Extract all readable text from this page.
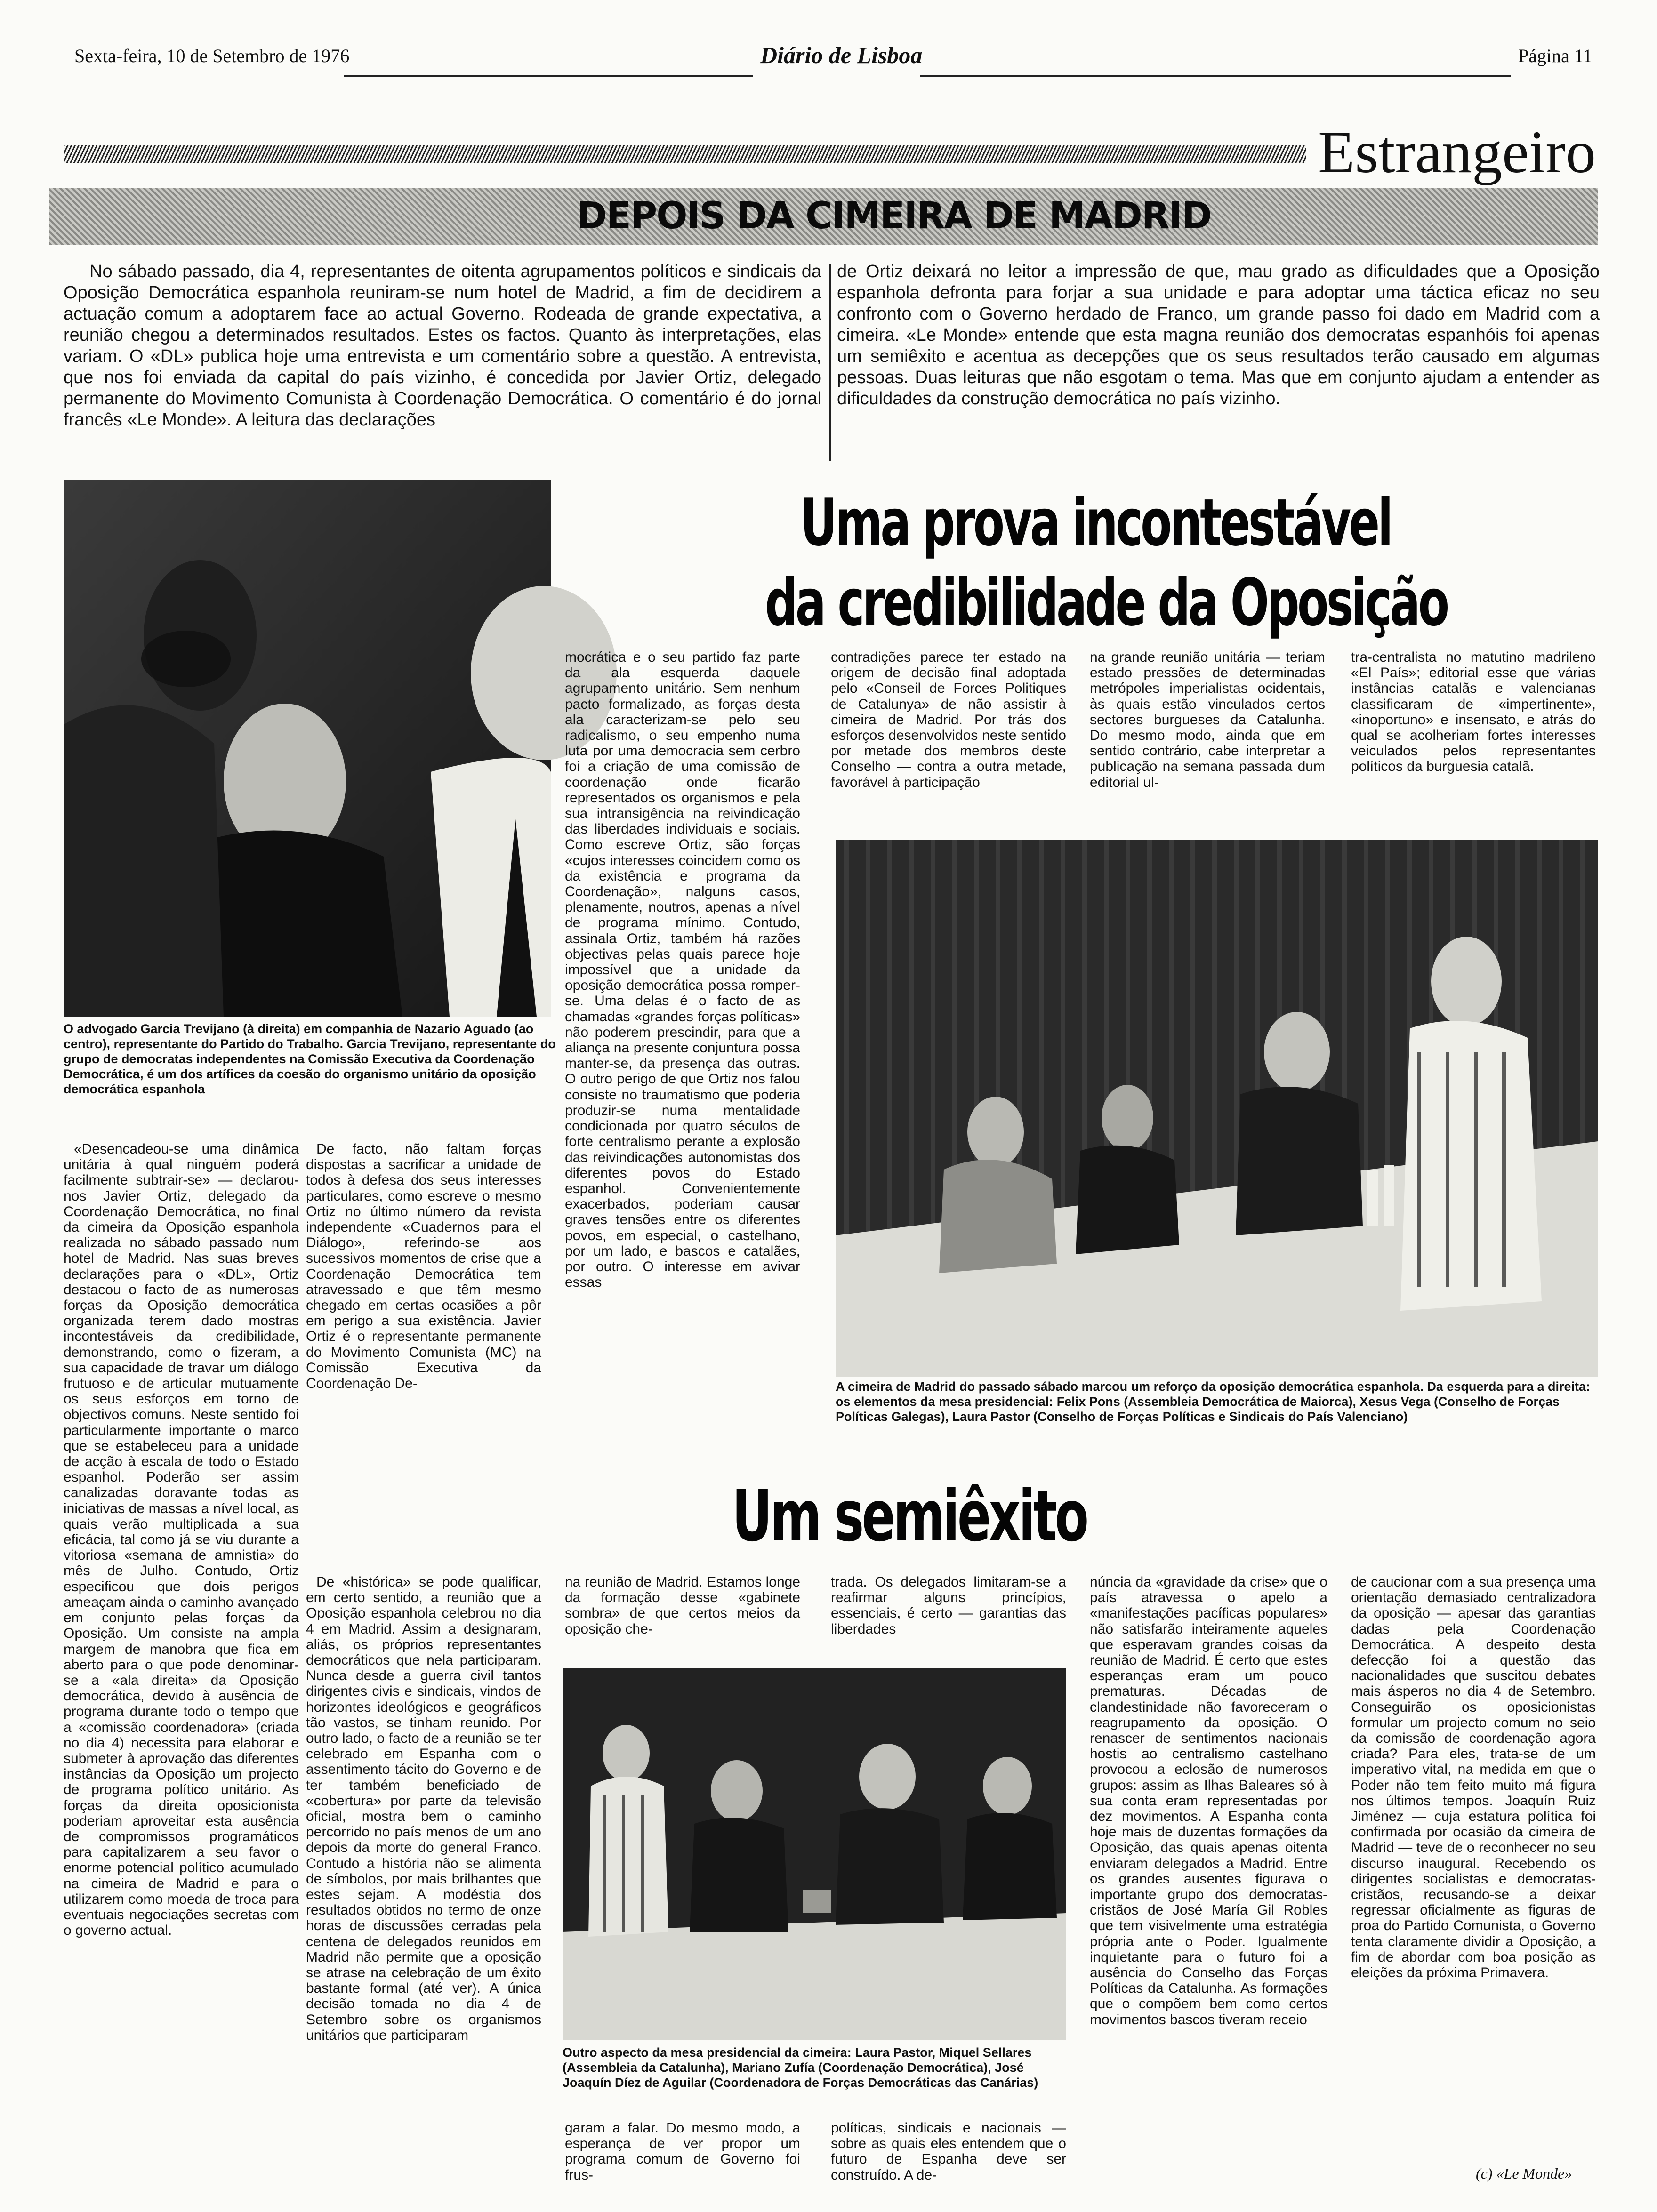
Sexta-feira, 10 de Setembro de 1976	Diário de Lisboa	Página 11
Estrangeiro
DEPOIS DA CIMEIRA DE MADRID
No sábado passado, dia 4, representantes de oitenta agrupamentos políticos e sindicais da Oposição Democrática espanhola reuniram-se num hotel de Madrid, a fim de decidirem a actuação comum a adoptarem face ao actual Governo. Rodeada de grande expectativa, a reunião chegou a determinados resultados. Estes os factos. Quanto às interpretações, elas variam. O «DL» publica hoje uma entrevista e um comentário sobre a questão. A entrevista, que nos foi enviada da capital do país vizinho, é concedida por Javier Ortiz, delegado permanente do Movimento Comunista à Coordenação Democrática. O comentário é do jornal francês «Le Monde». A leitura das declarações
de Ortiz deixará no leitor a impressão de que, mau grado as dificuldades que a Oposição espanhola defronta para forjar a sua unidade e para adoptar uma táctica eficaz no seu confronto com o Governo herdado de Franco, um grande passo foi dado em Madrid com a cimeira. «Le Monde» entende que esta magna reunião dos democratas espanhóis foi apenas um semiêxito e acentua as decepções que os seus resultados terão causado em algumas pessoas. Duas leituras que não esgotam o tema. Mas que em conjunto ajudam a entender as dificuldades da construção democrática no país vizinho.
O advogado Garcia Trevijano (à direita) em companhia de Nazario Aguado (ao centro), representante do Partido do Trabalho. Garcia Trevijano, representante do grupo de democratas independentes na Comissão Executiva da Coordenação Democrática, é um dos artífices da coesão do organismo unitário da oposição democrática espanhola
Uma prova incontestável
da credibilidade da Oposição

«Desencadeou-se uma dinâmica unitária à qual ninguém poderá facilmente subtrair-se» — declarou-nos Javier Ortiz, delegado da Coordenação Democrática, no final da cimeira da Oposição espanhola realizada no sábado passado num hotel de Madrid. Nas suas breves declarações para o «DL», Ortiz destacou o facto de as numerosas forças da Oposição democrática organizada terem dado mostras incontestáveis da credibilidade, demonstrando, como o fizeram, a sua capacidade de travar um diálogo frutuoso e de articular mutuamente os seus esforços em torno de objectivos comuns. Neste sentido foi particularmente importante o marco que se estabeleceu para a unidade de acção à escala de todo o Estado espanhol. Poderão ser assim canalizadas doravante todas as iniciativas de massas a nível local, as quais verão multiplicada a sua eficácia, tal como já se viu durante a vitoriosa «semana de amnistia» do mês de Julho. Contudo, Ortiz especificou que dois perigos ameaçam ainda o caminho avançado em conjunto pelas forças da Oposição. Um consiste na ampla margem de manobra que fica em aberto para o que pode denominar-se a «ala direita» da Oposição democrática, devido à ausência de programa durante todo o tempo que a «comissão coordenadora» (criada no dia 4) necessita para elaborar e submeter à aprovação das diferentes instâncias da Oposição um projecto de programa político unitário. As forças da direita oposicionista poderiam aproveitar esta ausência de compromissos programáticos para capitalizarem a seu favor o enorme potencial político acumulado na cimeira de Madrid e para o utilizarem como moeda de troca para eventuais negociações secretas com o governo actual.

De facto, não faltam forças dispostas a sacrificar a unidade de todos à defesa dos seus interesses particulares, como escreve o mesmo Ortiz no último número da revista independente «Cuadernos para el Diálogo», referindo-se aos sucessivos momentos de crise que a Coordenação Democrática tem atravessado e que têm mesmo chegado em certas ocasiões a pôr em perigo a sua existência. Javier Ortiz é o representante permanente do Movimento Comunista (MC) na Comissão Executiva da Coordenação De-

mocrática e o seu partido faz parte da ala esquerda daquele agrupamento unitário. Sem nenhum pacto formalizado, as forças desta ala caracterizam-se pelo seu radicalismo, o seu empenho numa luta por uma democracia sem cerbro foi a criação de uma comissão de coordenação onde ficarão representados os organismos e pela sua intransigência na reivindicação das liberdades individuais e sociais. Como escreve Ortiz, são forças «cujos interesses coincidem como os da existência e programa da Coordenação», nalguns casos, plenamente, noutros, apenas a nível de programa mínimo. Contudo, assinala Ortiz, também há razões objectivas pelas quais parece hoje impossível que a unidade da oposição democrática possa romper-se. Uma delas é o facto de as chamadas «grandes forças políticas» não poderem prescindir, para que a aliança na presente conjuntura possa manter-se, da presença das outras. O outro perigo de que Ortiz nos falou consiste no traumatismo que poderia produzir-se numa mentalidade condicionada por quatro séculos de forte centralismo perante a explosão das reivindicações autonomistas dos diferentes povos do Estado espanhol. Convenientemente exacerbados, poderiam causar graves tensões entre os diferentes povos, em especial, o castelhano, por um lado, e bascos e catalães, por outro. O interesse em avivar essas

contradições parece ter estado na origem de decisão final adoptada pelo «Conseil de Forces Politiques de Catalunya» de não assistir à cimeira de Madrid. Por trás dos esforços desenvolvidos neste sentido por metade dos membros deste Conselho — contra a outra metade, favorável à participação

na grande reunião unitária — teriam estado pressões de determinadas metrópoles imperialistas ocidentais, às quais estão vinculados certos sectores burgueses da Catalunha. Do mesmo modo, ainda que em sentido contrário, cabe interpretar a publicação na semana passada dum editorial ul-

tra-centralista no matutino madrileno «El País»; editorial esse que várias instâncias catalãs e valencianas classificaram de «impertinente», «inoportuno» e insensato, e atrás do qual se acolheriam fortes interesses veiculados pelos representantes políticos da burguesia catalã.

A cimeira de Madrid do passado sábado marcou um reforço da oposição democrática espanhola. Da esquerda para a direita: os elementos da mesa presidencial: Felix Pons (Assembleia Democrática de Maiorca), Xesus Vega (Conselho de Forças Políticas Galegas), Laura Pastor (Conselho de Forças Políticas e Sindicais do País Valenciano)
Um semiêxito

De «histórica» se pode qualificar, em certo sentido, a reunião que a Oposição espanhola celebrou no dia 4 em Madrid. Assim a designaram, aliás, os próprios representantes democráticos que nela participaram. Nunca desde a guerra civil tantos dirigentes civis e sindicais, vindos de horizontes ideológicos e geográficos tão vastos, se tinham reunido. Por outro lado, o facto de a reunião se ter celebrado em Espanha com o assentimento tácito do Governo e de ter também beneficiado de «cobertura» por parte da televisão oficial, mostra bem o caminho percorrido no país menos de um ano depois da morte do general Franco. Contudo a história não se alimenta de símbolos, por mais brilhantes que estes sejam. A modéstia dos resultados obtidos no termo de onze horas de discussões cerradas pela centena de delegados reunidos em Madrid não permite que a oposição se atrase na celebração de um êxito bastante formal (até ver). A única decisão tomada no dia 4 de Setembro sobre os organismos unitários que participaram

na reunião de Madrid. Estamos longe da formação desse «gabinete sombra» de que certos meios da oposição che-

trada. Os delegados limitaram-se a reafirmar alguns princípios, essenciais, é certo — garantias das liberdades

núncia da «gravidade da crise» que o país atravessa o apelo a «manifestações pacíficas populares» não satisfarão inteiramente aqueles que esperavam grandes coisas da reunião de Madrid. É certo que estes esperanças eram um pouco prematuras. Décadas de clandestinidade não favoreceram o reagrupamento da oposição. O renascer de sentimentos nacionais hostis ao centralismo castelhano provocou a eclosão de numerosos grupos: assim as Ilhas Baleares só à sua conta eram representadas por dez movimentos. A Espanha conta hoje mais de duzentas formações da Oposição, das quais apenas oitenta enviaram delegados a Madrid. Entre os grandes ausentes figurava o importante grupo dos democratas-cristãos de José María Gil Robles que tem visivelmente uma estratégia própria ante o Poder. Igualmente inquietante para o futuro foi a ausência do Conselho das Forças Políticas da Catalunha. As formações que o compõem bem como certos movimentos bascos tiveram receio

de caucionar com a sua presença uma orientação demasiado centralizadora da oposição — apesar das garantias dadas pela Coordenação Democrática. A despeito desta defecção foi a questão das nacionalidades que suscitou debates mais ásperos no dia 4 de Setembro. Conseguirão os oposicionistas formular um projecto comum no seio da comissão de coordenação agora criada? Para eles, trata-se de um imperativo vital, na medida em que o Poder não tem feito muito má figura nos últimos tempos. Joaquín Ruiz Jiménez — cuja estatura política foi confirmada por ocasião da cimeira de Madrid — teve de o reconhecer no seu discurso inaugural. Recebendo os dirigentes socialistas e democratas-cristãos, recusando-se a deixar regressar oficialmente as figuras de proa do Partido Comunista, o Governo tenta claramente dividir a Oposição, a fim de abordar com boa posição as eleições da próxima Primavera.

Outro aspecto da mesa presidencial da cimeira: Laura Pastor, Miquel Sellares (Assembleia da Catalunha), Mariano Zufía (Coordenação Democrática), José Joaquín Díez de Aguilar (Coordenadora de Forças Democráticas das Canárias)

garam a falar. Do mesmo modo, a esperança de ver propor um programa comum de Governo foi frus-

políticas, sindicais e nacionais — sobre as quais eles entendem que o futuro de Espanha deve ser construído. A de-	(c) «Le Monde»
